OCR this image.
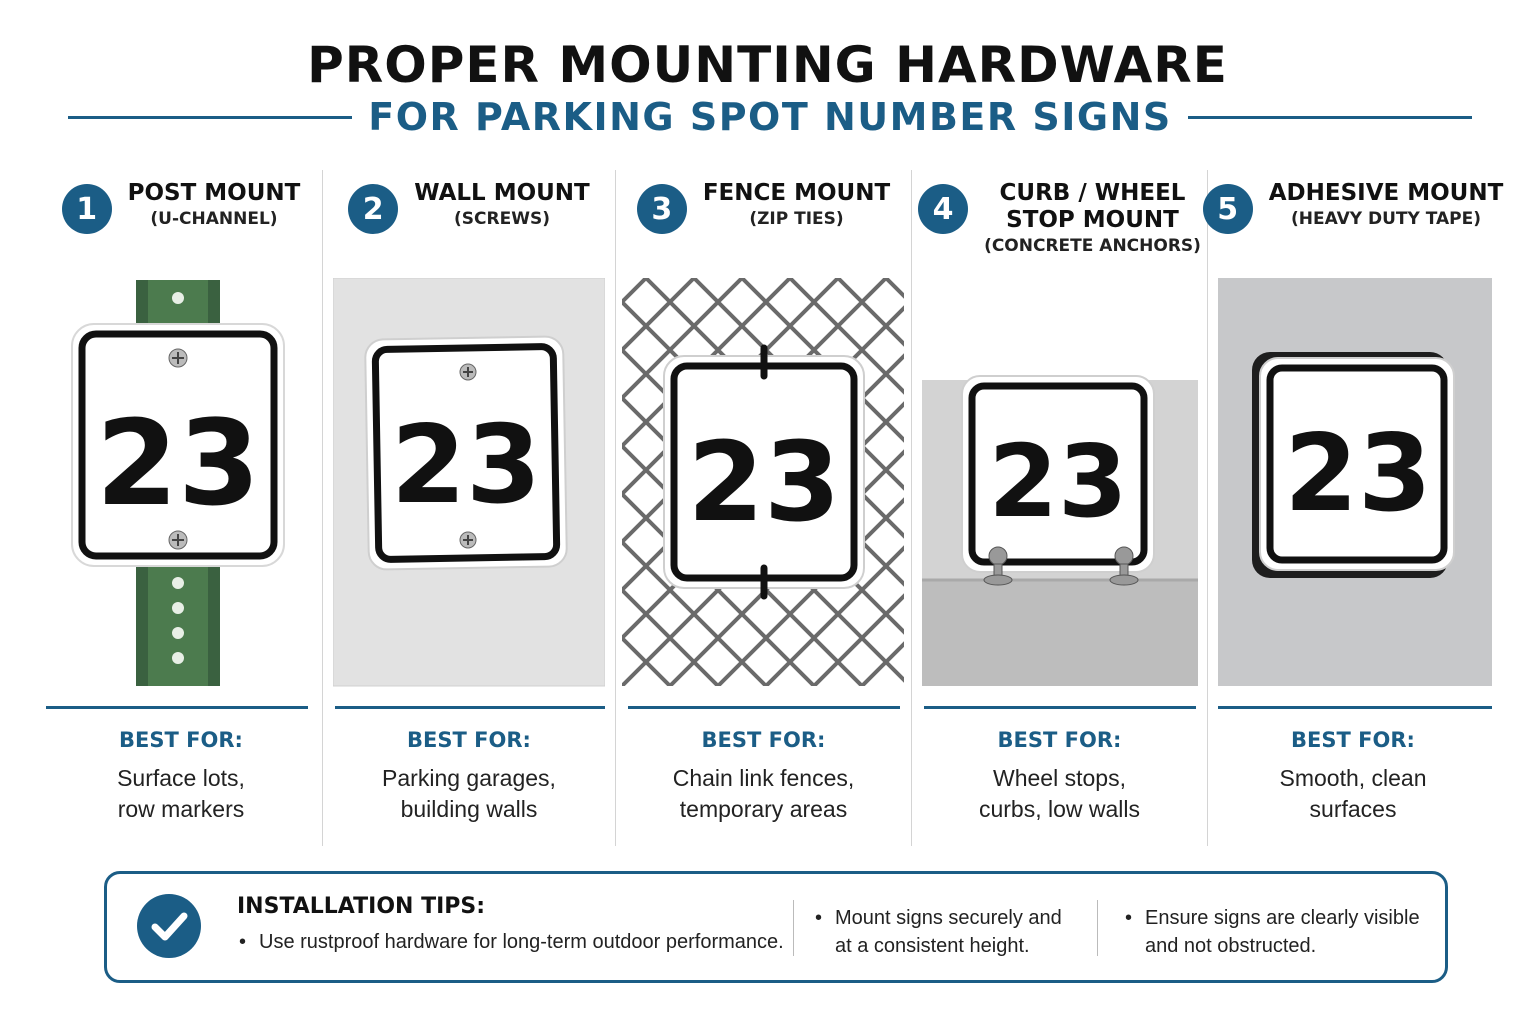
PROPER MOUNTING HARDWARE
FOR PARKING SPOT NUMBER SIGNS
1	POST MOUNT
(U-CHANNEL)
23
BEST FOR:
Surface lots,
row markers
2	WALL MOUNT
(SCREWS)
23
BEST FOR:
Parking garages,
building walls
3	FENCE MOUNT
(ZIP TIES)
23
BEST FOR:
Chain link fences,
temporary areas
4	CURB / WHEEL
STOP MOUNT
(CONCRETE ANCHORS)
23
BEST FOR:
Wheel stops,
curbs, low walls
5	ADHESIVE MOUNT
(HEAVY DUTY TAPE)
23
BEST FOR:
Smooth, clean
surfaces
INSTALLATION TIPS:
• Use rustproof hardware for long-term outdoor performance.
• Mount signs securely and
at a consistent height.
• Ensure signs are clearly visible
and not obstructed.
